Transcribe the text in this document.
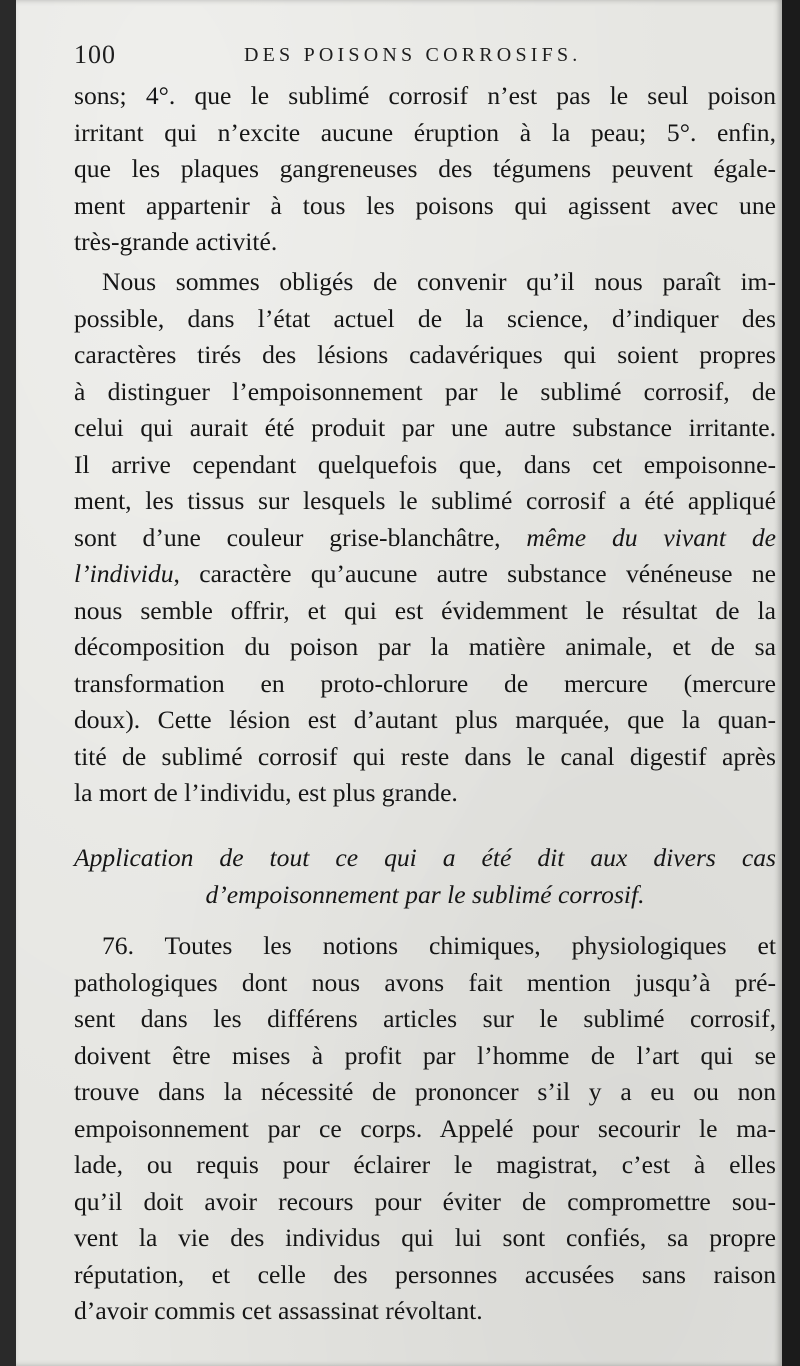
100	DES POISONS CORROSIFS.
sons; 4°. que le sublimé corrosif n’est pas le seul poison
irritant qui n’excite aucune éruption à la peau; 5°. enfin,
que les plaques gangreneuses des tégumens peuvent égale-
ment appartenir à tous les poisons qui agissent avec une
très-grande activité.
Nous sommes obligés de convenir qu’il nous paraît im-
possible, dans l’état actuel de la science, d’indiquer des
caractères tirés des lésions cadavériques qui soient propres
à distinguer l’empoisonnement par le sublimé corrosif, de
celui qui aurait été produit par une autre substance irritante.
Il arrive cependant quelquefois que, dans cet empoisonne-
ment, les tissus sur lesquels le sublimé corrosif a été appliqué
sont d’une couleur grise-blanchâtre, même du vivant de
l’individu, caractère qu’aucune autre substance vénéneuse ne
nous semble offrir, et qui est évidemment le résultat de la
décomposition du poison par la matière animale, et de sa
transformation en proto-chlorure de mercure (mercure
doux). Cette lésion est d’autant plus marquée, que la quan-
tité de sublimé corrosif qui reste dans le canal digestif après
la mort de l’individu, est plus grande.
Application de tout ce qui a été dit aux divers cas
d’empoisonnement par le sublimé corrosif.
76. Toutes les notions chimiques, physiologiques et
pathologiques dont nous avons fait mention jusqu’à pré-
sent dans les différens articles sur le sublimé corrosif,
doivent être mises à profit par l’homme de l’art qui se
trouve dans la nécessité de prononcer s’il y a eu ou non
empoisonnement par ce corps. Appelé pour secourir le ma-
lade, ou requis pour éclairer le magistrat, c’est à elles
qu’il doit avoir recours pour éviter de compromettre sou-
vent la vie des individus qui lui sont confiés, sa propre
réputation, et celle des personnes accusées sans raison
d’avoir commis cet assassinat révoltant.
